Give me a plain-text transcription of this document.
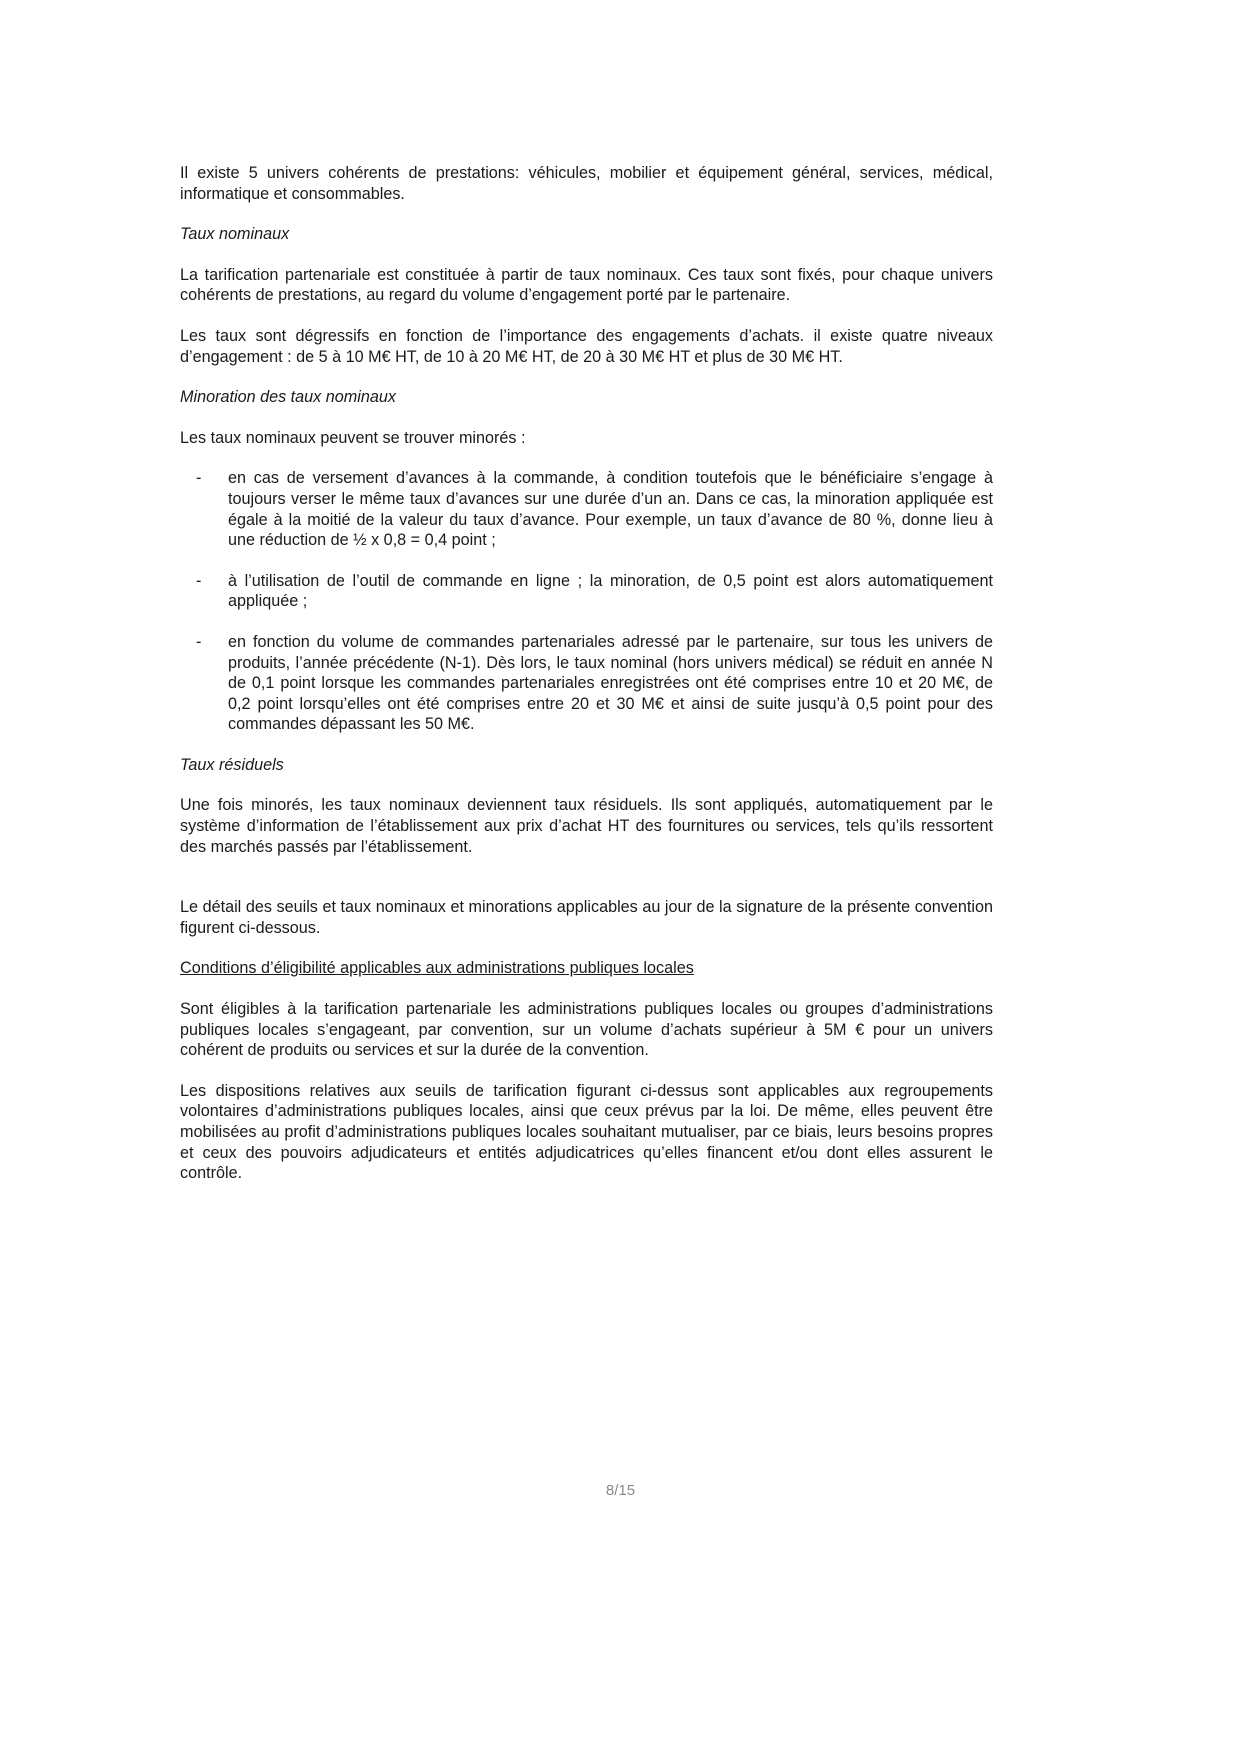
Il existe 5 univers cohérents de prestations: véhicules, mobilier et équipement général, services, médical, informatique et consommables.

Taux nominaux

La tarification partenariale est constituée à partir de taux nominaux. Ces taux sont fixés, pour chaque univers cohérents de prestations, au regard du volume d’engagement porté par le partenaire.

Les taux sont dégressifs en fonction de l’importance des engagements d’achats. il existe quatre niveaux d’engagement : de 5 à 10 M€ HT, de 10 à 20 M€ HT, de 20 à 30 M€ HT et plus de 30 M€ HT.

Minoration des taux nominaux

Les taux nominaux peuvent se trouver minorés :

- en cas de versement d’avances à la commande, à condition toutefois que le bénéficiaire s’engage à toujours verser le même taux d’avances sur une durée d’un an. Dans ce cas, la minoration appliquée est égale à la moitié de la valeur du taux d’avance. Pour exemple, un taux d’avance de 80 %, donne lieu à une réduction de ½ x 0,8 = 0,4 point ;
- à l’utilisation de l’outil de commande en ligne ; la minoration, de 0,5 point est alors automatiquement appliquée ;
- en fonction du volume de commandes partenariales adressé par le partenaire, sur tous les univers de produits, l’année précédente (N-1). Dès lors, le taux nominal (hors univers médical) se réduit en année N de 0,1 point lorsque les commandes partenariales enregistrées ont été comprises entre 10 et 20 M€, de 0,2 point lorsqu’elles ont été comprises entre 20 et 30 M€ et ainsi de suite jusqu’à 0,5 point pour des commandes dépassant les 50 M€.

Taux résiduels

Une fois minorés, les taux nominaux deviennent taux résiduels. Ils sont appliqués, automatiquement par le système d’information de l’établissement aux prix d’achat HT des fournitures ou services, tels qu’ils ressortent des marchés passés par l’établissement.

Le détail des seuils et taux nominaux et minorations applicables au jour de la signature de la présente convention figurent ci-dessous.

Conditions d’éligibilité applicables aux administrations publiques locales

Sont éligibles à la tarification partenariale les administrations publiques locales ou groupes d’administrations publiques locales s’engageant, par convention, sur un volume d’achats supérieur à 5M € pour un univers cohérent de produits ou services et sur la durée de la convention.

Les dispositions relatives aux seuils de tarification figurant ci-dessus sont applicables aux regroupements volontaires d’administrations publiques locales, ainsi que ceux prévus par la loi. De même, elles peuvent être mobilisées au profit d’administrations publiques locales souhaitant mutualiser, par ce biais, leurs besoins propres et ceux des pouvoirs adjudicateurs et entités adjudicatrices qu’elles financent et/ou dont elles assurent le contrôle.

8/15
